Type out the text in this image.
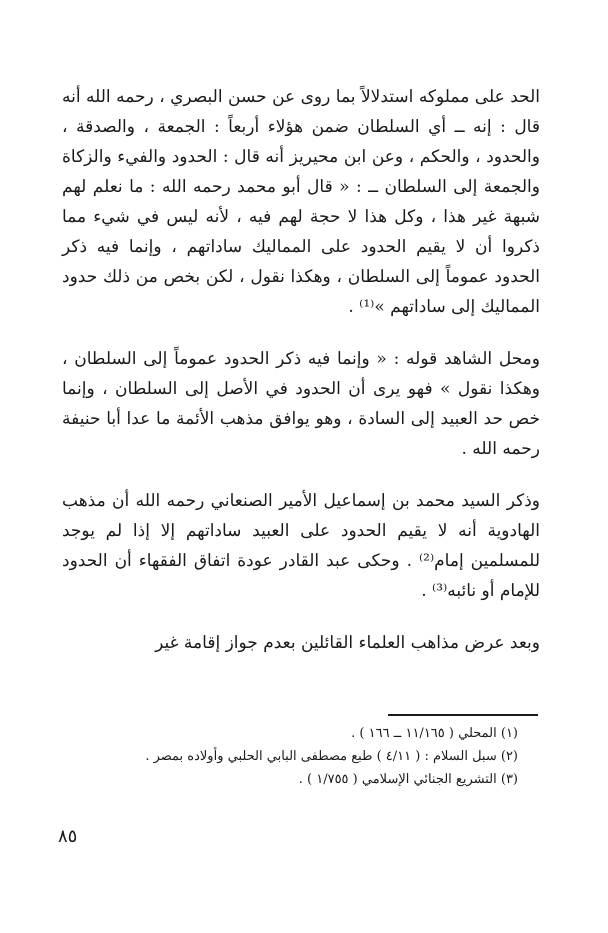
الحد على مملوكه استدلالاً بما روى عن حسن البصري ، رحمه الله أنه قال : إنه ــ أي السلطان ضمن هؤلاء أربعاً : الجمعة ، والصدقة ، والحدود ، والحكم ، وعن ابن محيريز أنه قال : الحدود والفيء والزكاة والجمعة إلى السلطان ــ : « قال أبو محمد رحمه الله : ما نعلم لهم شبهة غير هذا ، وكل هذا لا حجة لهم فيه ، لأنه ليس في شيء مما ذكروا أن لا يقيم الحدود على المماليك ساداتهم ، وإنما فيه ذكر الحدود عموماً إلى السلطان ، وهكذا نقول ، لكن بخص من ذلك حدود المماليك إلى ساداتهم »⁽¹⁾ .

ومحل الشاهد قوله : « وإنما فيه ذكر الحدود عموماً إلى السلطان ، وهكذا نقول » فهو يرى أن الحدود في الأصل إلى السلطان ، وإنما خص حد العبيد إلى السادة ، وهو يوافق مذهب الأئمة ما عدا أبا حنيفة رحمه الله .

وذكر السيد محمد بن إسماعيل الأمير الصنعاني رحمه الله أن مذهب الهادوية أنه لا يقيم الحدود على العبيد ساداتهم إلا إذا لم يوجد للمسلمين إمام⁽²⁾ . وحكى عبد القادر عودة اتفاق الفقهاء أن الحدود للإمام أو نائبه⁽³⁾ .

وبعد عرض مذاهب العلماء القائلين بعدم جواز إقامة غير

(١) المحلي ( ١١/١٦٥ ــ ١٦٦ ) .

(٢) سبل السلام : ( ٤/١١ ) طبع مصطفى البابي الحلبي وأولاده بمصر .

(٣) التشريع الجنائي الإسلامي ( ١/٧٥٥ ) .

٨٥
